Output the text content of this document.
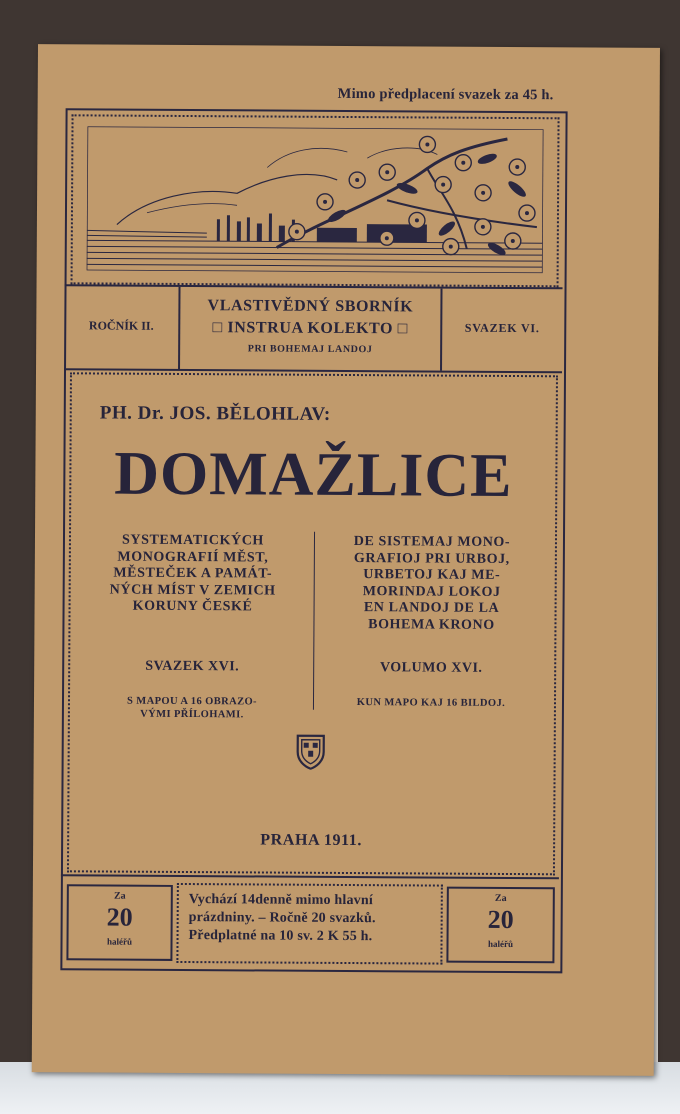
Mimo předplacení svazek za 45 h.
ROČNÍK II.
VLASTIVĚDNÝ SBORNÍK
□ INSTRUA KOLEKTO □
PRI BOHEMAJ LANDOJ
SVAZEK VI.
PH. Dr. JOS. BĚLOHLAV:
DOMAŽLICE
SYSTEMATICKÝCH
MONOGRAFIÍ MĚST,
MĚSTEČEK A PAMÁT-
NÝCH MÍST V ZEMICH
KORUNY ČESKÉ
DE SISTEMAJ MONO-
GRAFIOJ PRI URBOJ,
URBETOJ KAJ ME-
MORINDAJ LOKOJ
EN LANDOJ DE LA
BOHEMA KRONO
SVAZEK XVI.	VOLUMO XVI.
S MAPOU A 16 OBRAZO-
VÝMI PŘÍLOHAMI.
KUN MAPO KAJ 16 BILDOJ.
PRAHA 1911.
Za
20
haléřů
Vychází 14denně mimo hlavní
prázdniny. – Ročně 20 svazků.
Předplatné na 10 sv. 2 K 55 h.
Za
20
haléřů
